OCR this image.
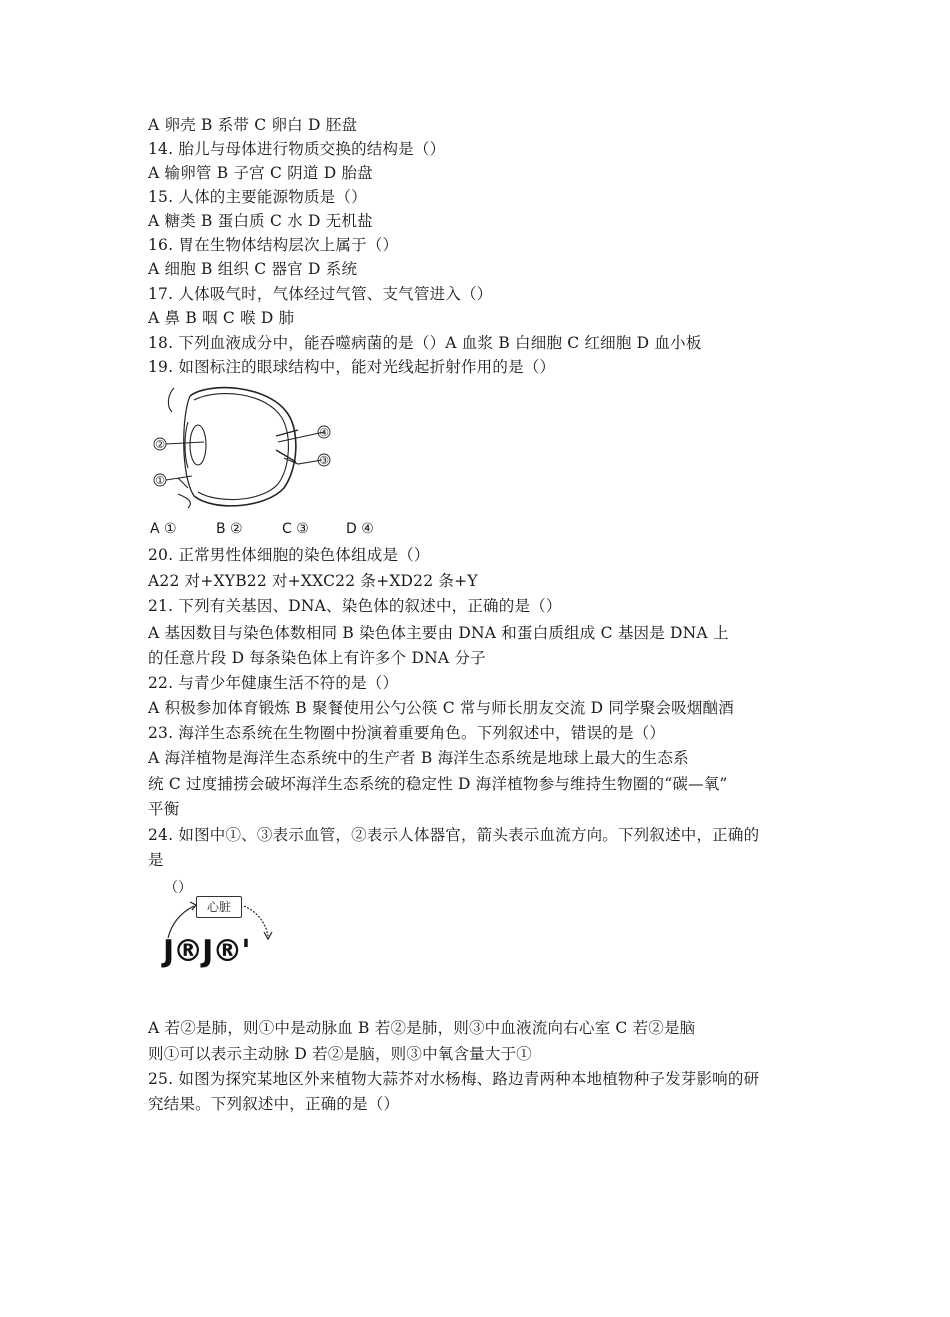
A 卵壳 B 系带 C 卵白 D 胚盘
14. 胎儿与母体进行物质交换的结构是（）
A 输卵管 B 子宫 C 阴道 D 胎盘
15. 人体的主要能源物质是（）
A 糖类 B 蛋白质 C 水 D 无机盐
16. 胃在生物体结构层次上属于（）
A 细胞 B 组织 C 器官 D 系统
17. 人体吸气时，气体经过气管、支气管进入（）
A 鼻 B 咽 C 喉 D 肺
18. 下列血液成分中，能吞噬病菌的是（）A 血浆 B 白细胞 C 红细胞 D 血小板
19. 如图标注的眼球结构中，能对光线起折射作用的是（）
④
③
②
①
A ①	B ②	C ③	D ④
20. 正常男性体细胞的染色体组成是（）
A22 对+XYB22 对+XXC22 条+XD22 条+Y
21. 下列有关基因、DNA、染色体的叙述中，正确的是（）
A 基因数目与染色体数相同 B 染色体主要由 DNA 和蛋白质组成 C 基因是 DNA 上
的任意片段 D 每条染色体上有许多个 DNA 分子
22. 与青少年健康生活不符的是（）
A 积极参加体育锻炼 B 聚餐使用公勺公筷 C 常与师长朋友交流 D 同学聚会吸烟酗酒
23. 海洋生态系统在生物圈中扮演着重要角色。下列叙述中，错误的是（）
A 海洋植物是海洋生态系统中的生产者 B 海洋生态系统是地球上最大的生态系
统 C 过度捕捞会破坏海洋生态系统的稳定性 D 海洋植物参与维持生物圈的“碳—氧”
平衡
24. 如图中①、③表示血管，②表示人体器官，箭头表示血流方向。下列叙述中，正确的
是
（）
心脏
J®J®'
A 若②是肺，则①中是动脉血 B 若②是肺，则③中血液流向右心室 C 若②是脑
则①可以表示主动脉 D 若②是脑，则③中氧含量大于①
25. 如图为探究某地区外来植物大蒜芥对水杨梅、路边青两种本地植物种子发芽影响的研
究结果。下列叙述中，正确的是（）
